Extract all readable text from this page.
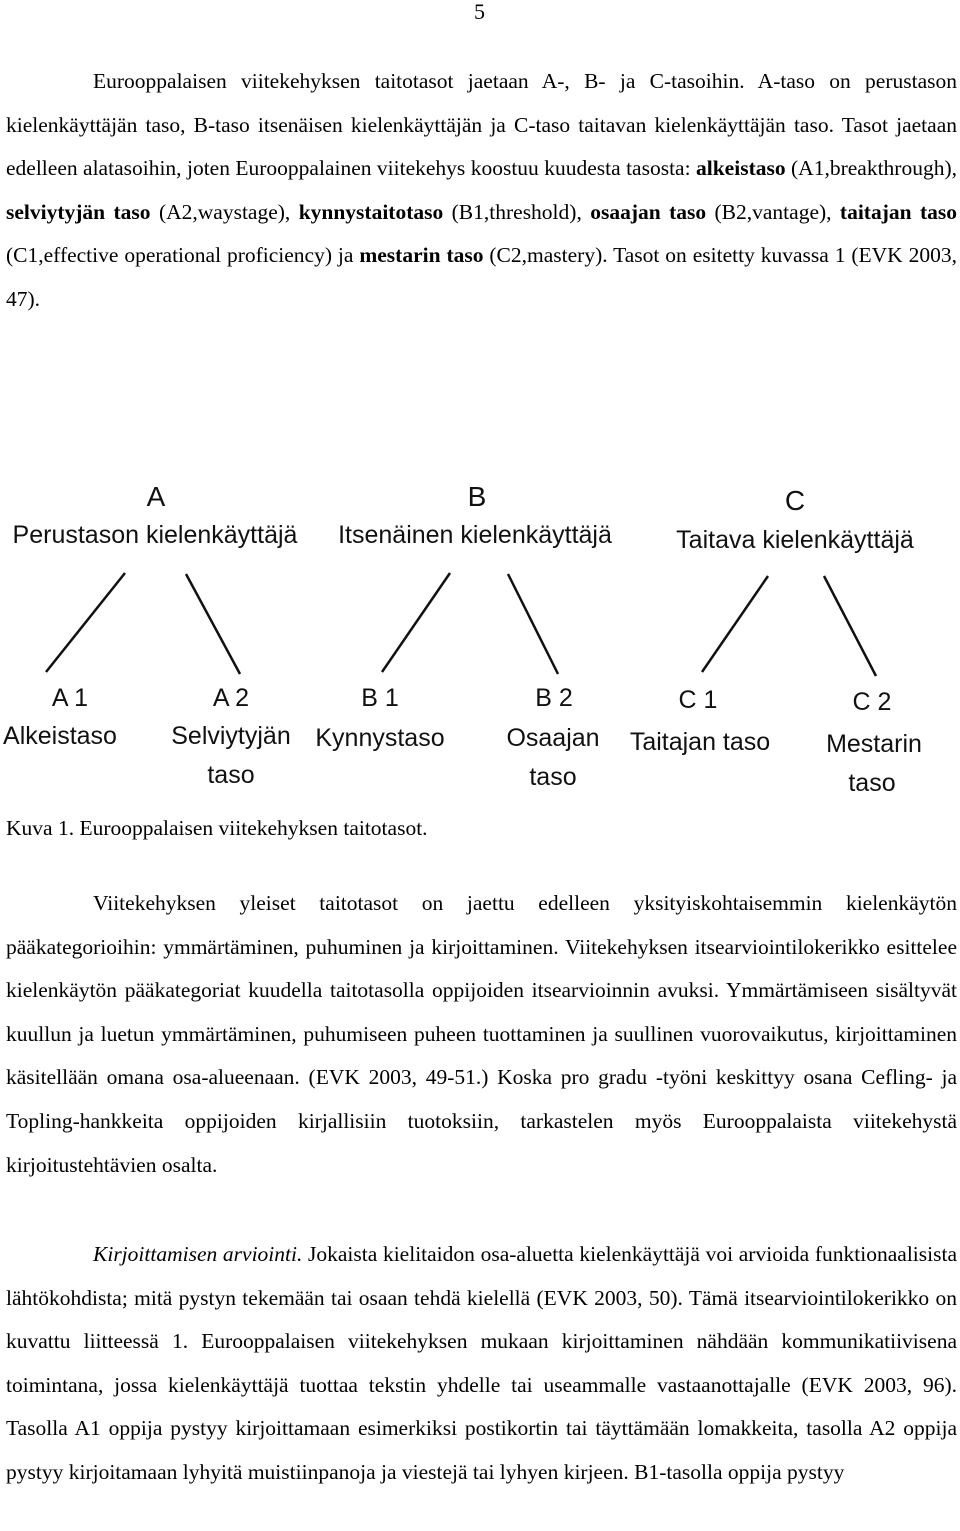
5

Eurooppalaisen viitekehyksen taitotasot jaetaan A-, B- ja C-tasoihin. A-taso on perustason kielenkäyttäjän taso, B-taso itsenäisen kielenkäyttäjän ja C-taso taitavan kielenkäyttäjän taso. Tasot jaetaan edelleen alatasoihin, joten Eurooppalainen viitekehys koostuu kuudesta tasosta: alkeistaso (A1,breakthrough), selviytyjän taso (A2,waystage), kynnystaitotaso (B1,threshold), osaajan taso (B2,vantage), taitajan taso (C1,effective operational proficiency) ja mestarin taso (C2,mastery). Tasot on esitetty kuvassa 1 (EVK 2003, 47).

A
Perustason kielenkäyttäjä
A 1
Alkeistaso
A 2
Selviytyjän
taso
B
Itsenäinen kielenkäyttäjä
B 1
Kynnystaso
B 2
Osaajan
taso
C
Taitava kielenkäyttäjä
C 1
Taitajan taso
C 2
Mestarin
taso
Kuva 1. Eurooppalaisen viitekehyksen taitotasot.

Viitekehyksen yleiset taitotasot on jaettu edelleen yksityiskohtaisemmin kielenkäytön pääkategorioihin: ymmärtäminen, puhuminen ja kirjoittaminen. Viitekehyksen itsearviointilokerikko esittelee kielenkäytön pääkategoriat kuudella taitotasolla oppijoiden itsearvioinnin avuksi. Ymmärtämiseen sisältyvät kuullun ja luetun ymmärtäminen, puhumiseen puheen tuottaminen ja suullinen vuorovaikutus, kirjoittaminen käsitellään omana osa-alueenaan. (EVK 2003, 49-51.) Koska pro gradu -työni keskittyy osana Cefling- ja Topling-hankkeita oppijoiden kirjallisiin tuotoksiin, tarkastelen myös Eurooppalaista viitekehystä kirjoitustehtävien osalta.

Kirjoittamisen arviointi. Jokaista kielitaidon osa-aluetta kielenkäyttäjä voi arvioida funktionaalisista lähtökohdista; mitä pystyn tekemään tai osaan tehdä kielellä (EVK 2003, 50). Tämä itsearviointilokerikko on kuvattu liitteessä 1. Eurooppalaisen viitekehyksen mukaan kirjoittaminen nähdään kommunikatiivisena toimintana, jossa kielenkäyttäjä tuottaa tekstin yhdelle tai useammalle vastaanottajalle (EVK 2003, 96). Tasolla A1 oppija pystyy kirjoittamaan esimerkiksi postikortin tai täyttämään lomakkeita, tasolla A2 oppija pystyy kirjoitamaan lyhyitä muistiinpanoja ja viestejä tai lyhyen kirjeen. B1-tasolla oppija pystyy
